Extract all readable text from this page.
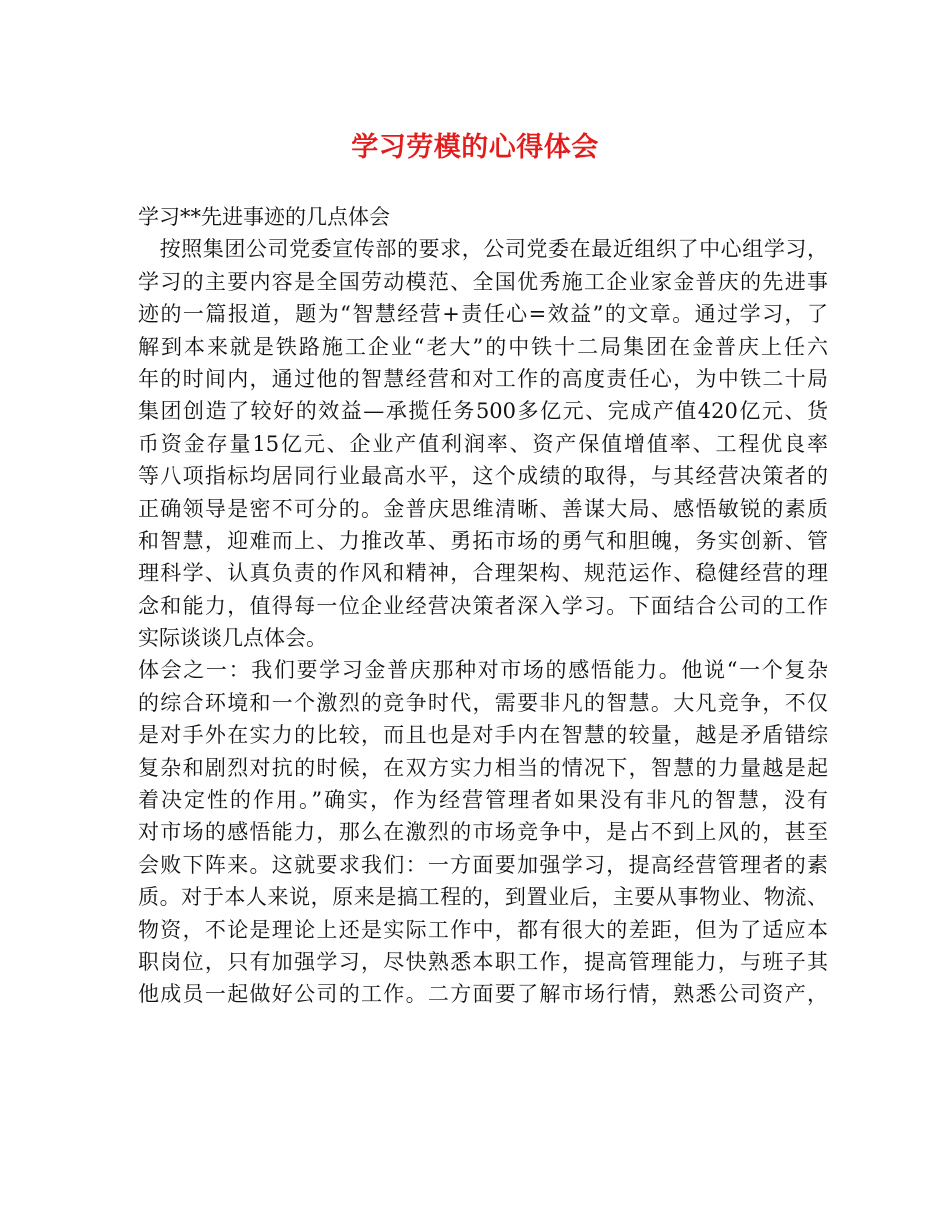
学习劳模的心得体会
学习**先进事迹的几点体会
　按照集团公司党委宣传部的要求，公司党委在最近组织了中心组学习，
学习的主要内容是全国劳动模范、全国优秀施工企业家金普庆的先进事
迹的一篇报道，题为“智慧经营+责任心=效益”的文章。通过学习，了
解到本来就是铁路施工企业“老大”的中铁十二局集团在金普庆上任六
年的时间内，通过他的智慧经营和对工作的高度责任心，为中铁二十局
集团创造了较好的效益—承揽任务500多亿元、完成产值420亿元、货
币资金存量15亿元、企业产值利润率、资产保值增值率、工程优良率
等八项指标均居同行业最高水平，这个成绩的取得，与其经营决策者的
正确领导是密不可分的。金普庆思维清晰、善谋大局、感悟敏锐的素质
和智慧，迎难而上、力推改革、勇拓市场的勇气和胆魄，务实创新、管
理科学、认真负责的作风和精神，合理架构、规范运作、稳健经营的理
念和能力，值得每一位企业经营决策者深入学习。下面结合公司的工作
实际谈谈几点体会。
体会之一：我们要学习金普庆那种对市场的感悟能力。他说“一个复杂
的综合环境和一个激烈的竞争时代，需要非凡的智慧。大凡竞争，不仅
是对手外在实力的比较，而且也是对手内在智慧的较量，越是矛盾错综
复杂和剧烈对抗的时候，在双方实力相当的情况下，智慧的力量越是起
着决定性的作用。”确实，作为经营管理者如果没有非凡的智慧，没有
对市场的感悟能力，那么在激烈的市场竞争中，是占不到上风的，甚至
会败下阵来。这就要求我们：一方面要加强学习，提高经营管理者的素
质。对于本人来说，原来是搞工程的，到置业后，主要从事物业、物流、
物资，不论是理论上还是实际工作中，都有很大的差距，但为了适应本
职岗位，只有加强学习，尽快熟悉本职工作，提高管理能力，与班子其
他成员一起做好公司的工作。二方面要了解市场行情，熟悉公司资产，
